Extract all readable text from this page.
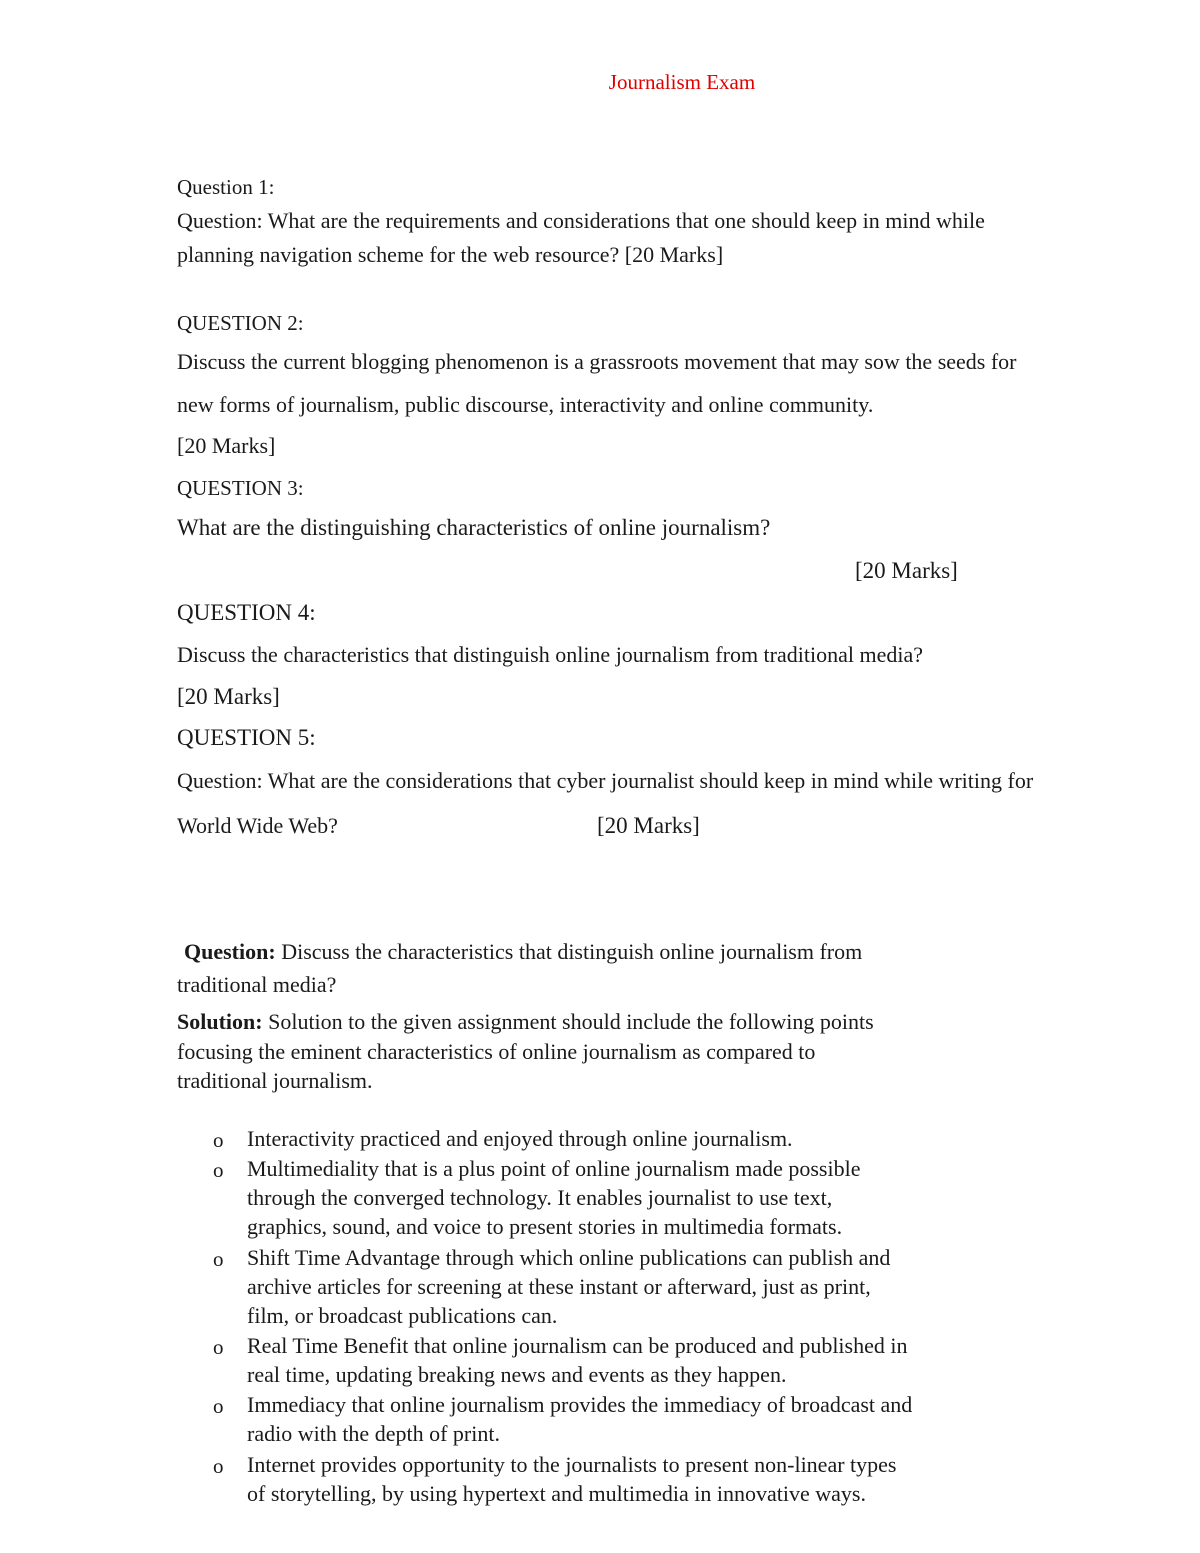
Journalism Exam
Question 1:
Question: What are the requirements and considerations that one should keep in mind while
planning navigation scheme for the web resource? [20 Marks]
QUESTION 2:
Discuss the current blogging phenomenon is a grassroots movement that may sow the seeds for
new forms of journalism, public discourse, interactivity and online community.
[20 Marks]
QUESTION 3:
What are the distinguishing characteristics of online journalism?
[20 Marks]
QUESTION 4:
Discuss the characteristics that distinguish online journalism from traditional media?
[20 Marks]
QUESTION 5:
Question: What are the considerations that cyber journalist should keep in mind while writing for
World Wide Web?	[20 Marks]
Question: Discuss the characteristics that distinguish online journalism from
traditional media?
Solution: Solution to the given assignment should include the following points
focusing the eminent characteristics of online journalism as compared to
traditional journalism.
o Interactivity practiced and enjoyed through online journalism.
o Multimediality that is a plus point of online journalism made possible
through the converged technology. It enables journalist to use text,
graphics, sound, and voice to present stories in multimedia formats.
o Shift Time Advantage through which online publications can publish and
archive articles for screening at these instant or afterward, just as print,
film, or broadcast publications can.
o Real Time Benefit that online journalism can be produced and published in
real time, updating breaking news and events as they happen.
o Immediacy that online journalism provides the immediacy of broadcast and
radio with the depth of print.
o Internet provides opportunity to the journalists to present non-linear types
of storytelling, by using hypertext and multimedia in innovative ways.
